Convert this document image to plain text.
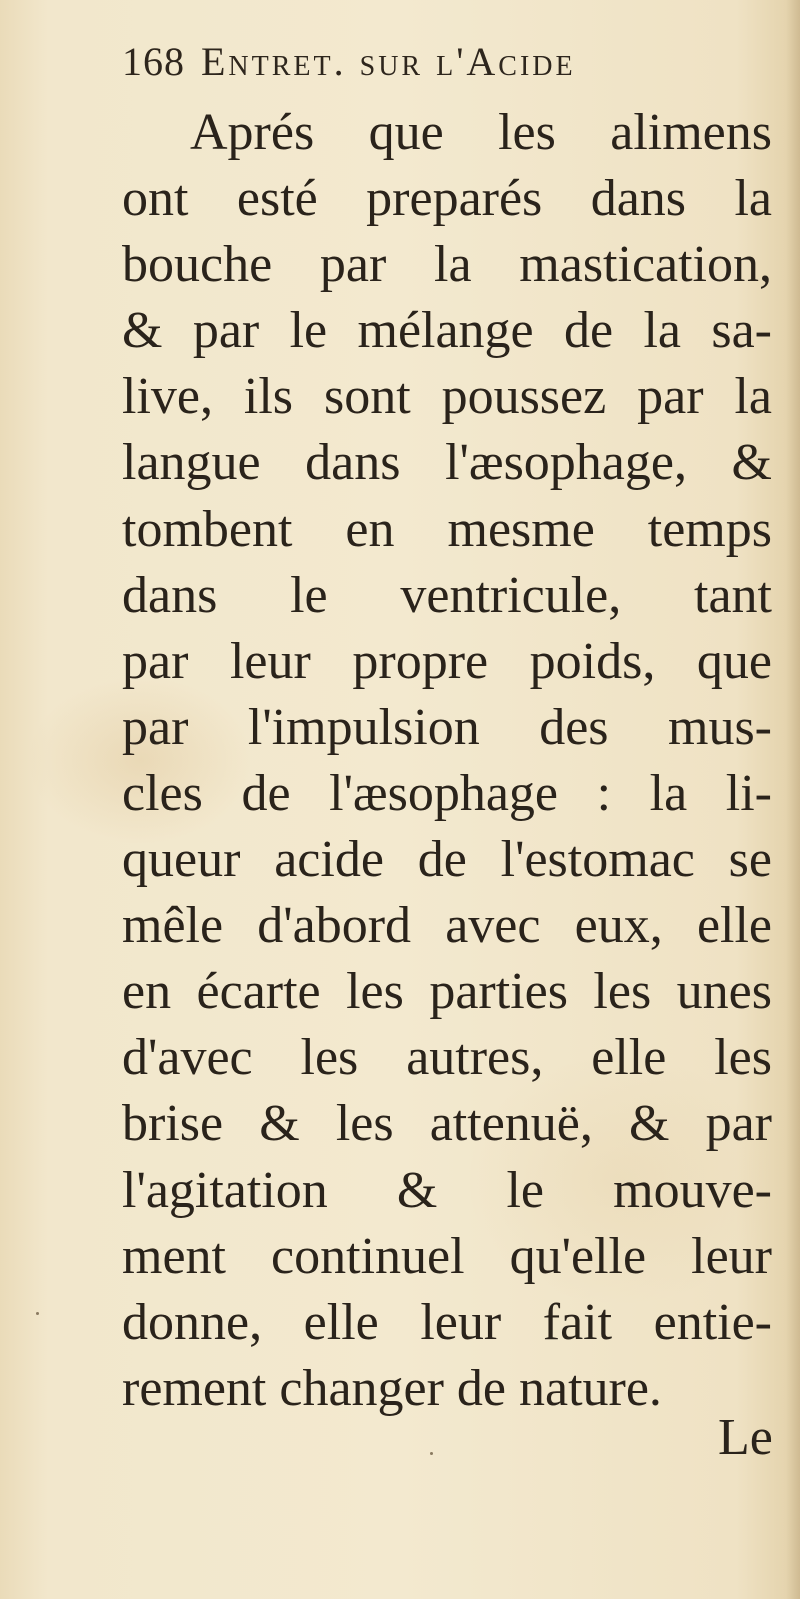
168 Entret. sur l'Acide
Aprés que les alimens
ont esté preparés dans la
bouche par la mastication,
& par le mélange de la sa-
live, ils sont poussez par la
langue dans l'æsophage, &
tombent en mesme temps
dans le ventricule, tant
par leur propre poids, que
par l'impulsion des mus-
cles de l'æsophage : la li-
queur acide de l'estomac se
mêle d'abord avec eux, elle
en écarte les parties les unes
d'avec les autres, elle les
brise & les attenuë, & par
l'agitation & le mouve-
ment continuel qu'elle leur
donne, elle leur fait entie-
rement changer de nature.
Le
